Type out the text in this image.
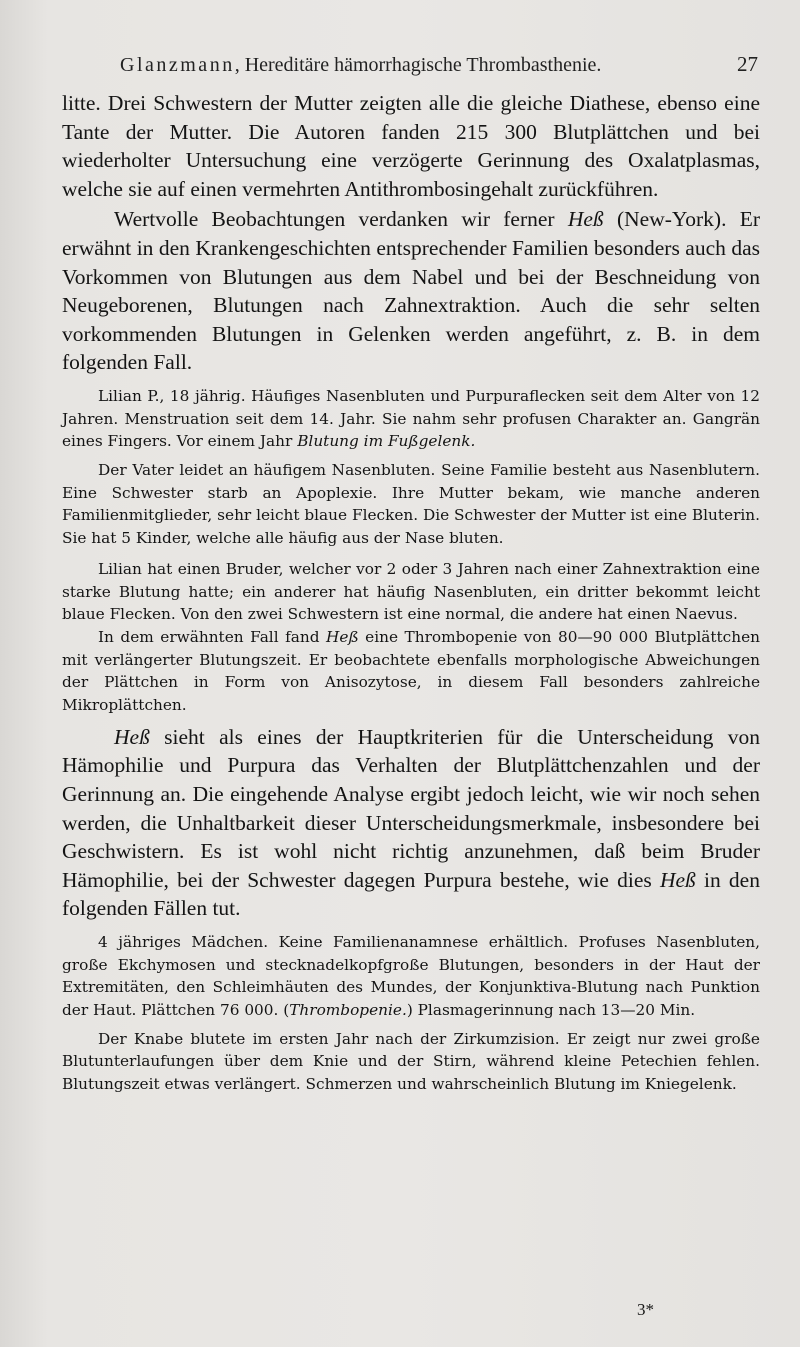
Glanzmann, Hereditäre hämorrhagische Thrombasthenie.	27

litte. Drei Schwestern der Mutter zeigten alle die gleiche Diathese, ebenso eine Tante der Mutter. Die Autoren fanden 215 300 Blutplättchen und bei wiederholter Untersuchung eine verzögerte Gerinnung des Oxalatplasmas, welche sie auf einen vermehrten Antithrombosingehalt zurückführen.

Wertvolle Beobachtungen verdanken wir ferner Heß (New-York). Er erwähnt in den Krankengeschichten entsprechender Familien besonders auch das Vorkommen von Blutungen aus dem Nabel und bei der Beschneidung von Neugeborenen, Blutungen nach Zahnextraktion. Auch die sehr selten vorkommenden Blutungen in Gelenken werden angeführt, z. B. in dem folgenden Fall.

Lilian P., 18 jährig. Häufiges Nasenbluten und Purpuraflecken seit dem Alter von 12 Jahren. Menstruation seit dem 14. Jahr. Sie nahm sehr profusen Charakter an. Gangrän eines Fingers. Vor einem Jahr Blutung im Fußgelenk.

Der Vater leidet an häufigem Nasenbluten. Seine Familie besteht aus Nasenblutern. Eine Schwester starb an Apoplexie. Ihre Mutter bekam, wie manche anderen Familienmitglieder, sehr leicht blaue Flecken. Die Schwester der Mutter ist eine Bluterin. Sie hat 5 Kinder, welche alle häufig aus der Nase bluten.

Lilian hat einen Bruder, welcher vor 2 oder 3 Jahren nach einer Zahnextraktion eine starke Blutung hatte; ein anderer hat häufig Nasenbluten, ein dritter bekommt leicht blaue Flecken. Von den zwei Schwestern ist eine normal, die andere hat einen Naevus.

In dem erwähnten Fall fand Heß eine Thrombopenie von 80—90 000 Blutplättchen mit verlängerter Blutungszeit. Er beobachtete ebenfalls morphologische Abweichungen der Plättchen in Form von Anisozytose, in diesem Fall besonders zahlreiche Mikroplättchen.

Heß sieht als eines der Hauptkriterien für die Unterscheidung von Hämophilie und Purpura das Verhalten der Blutplättchenzahlen und der Gerinnung an. Die eingehende Analyse ergibt jedoch leicht, wie wir noch sehen werden, die Unhaltbarkeit dieser Unterscheidungsmerkmale, insbesondere bei Geschwistern. Es ist wohl nicht richtig anzunehmen, daß beim Bruder Hämophilie, bei der Schwester dagegen Purpura bestehe, wie dies Heß in den folgenden Fällen tut.

4 jähriges Mädchen. Keine Familienanamnese erhältlich. Profuses Nasenbluten, große Ekchymosen und stecknadelkopfgroße Blutungen, besonders in der Haut der Extremitäten, den Schleimhäuten des Mundes, der Konjunktiva-Blutung nach Punktion der Haut. Plättchen 76 000. (Thrombopenie.) Plasmagerinnung nach 13—20 Min.

Der Knabe blutete im ersten Jahr nach der Zirkumzision. Er zeigt nur zwei große Blutunterlaufungen über dem Knie und der Stirn, während kleine Petechien fehlen. Blutungszeit etwas verlängert. Schmerzen und wahrscheinlich Blutung im Kniegelenk.

3*
